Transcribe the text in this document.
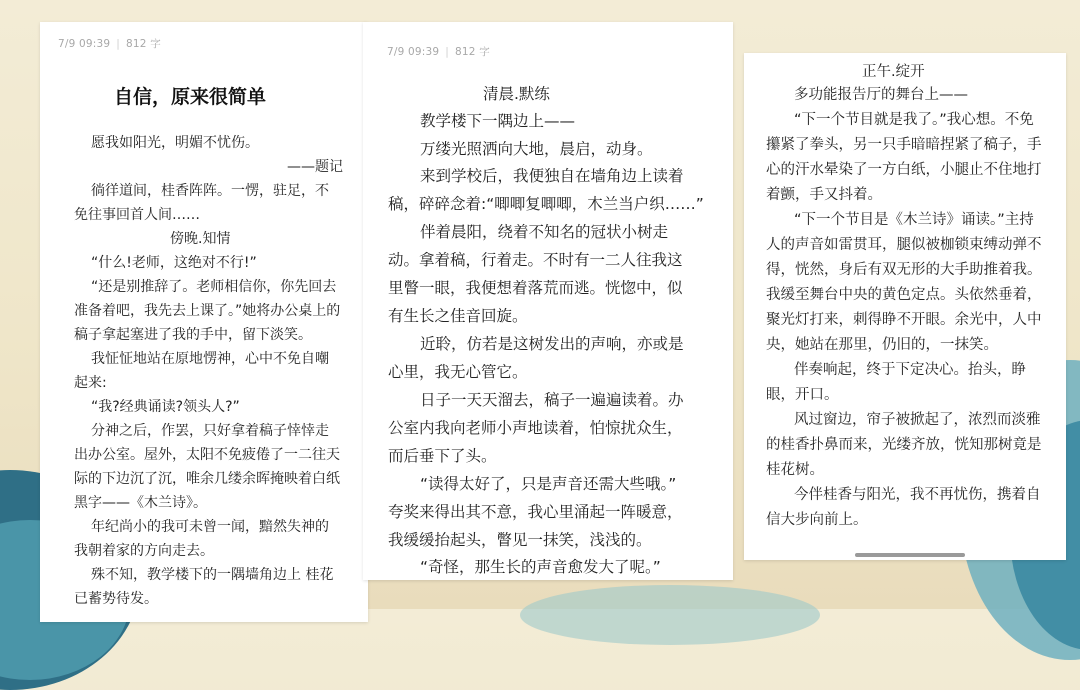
7/9 09:39 | 812 字
自信，原来很简单
愿我如阳光，明媚不忧伤。
——题记
徜徉道间，桂香阵阵。一愣，驻足，不
免往事回首人间……
傍晚.知情
“什么!老师，这绝对不行!”
“还是别推辞了。老师相信你，你先回去
准备着吧，我先去上课了。”她将办公桌上的
稿子拿起塞进了我的手中，留下淡笑。
我怔怔地站在原地愣神，心中不免自嘲
起来:
“我?经典诵读?领头人?”
分神之后，作罢，只好拿着稿子悻悻走
出办公室。屋外，太阳不免疲倦了一二往天
际的下边沉了沉，唯余几缕余晖掩映着白纸
黑字——《木兰诗》。
年纪尚小的我可未曾一闻，黯然失神的
我朝着家的方向走去。
殊不知，教学楼下的一隅墙角边上 桂花
已蓄势待发。
7/9 09:39 | 812 字
清晨.默练
教学楼下一隅边上——
万缕光照洒向大地，晨启，动身。
来到学校后，我便独自在墙角边上读着
稿，碎碎念着:“唧唧复唧唧，木兰当户织……”
伴着晨阳，绕着不知名的冠状小树走
动。拿着稿，行着走。不时有一二人往我这
里瞥一眼，我便想着落荒而逃。恍惚中，似
有生长之佳音回旋。
近聆，仿若是这树发出的声响，亦或是
心里，我无心管它。
日子一天天溜去，稿子一遍遍读着。办
公室内我向老师小声地读着，怕惊扰众生，
而后垂下了头。
“读得太好了，只是声音还需大些哦。”
夸奖来得出其不意，我心里涌起一阵暖意，
我缓缓抬起头，瞥见一抹笑，浅浅的。
“奇怪，那生长的声音愈发大了呢。”
正午.绽开
多功能报告厅的舞台上——
“下一个节目就是我了。”我心想。不免
攥紧了拳头，另一只手暗暗捏紧了稿子，手
心的汗水晕染了一方白纸，小腿止不住地打
着颤，手又抖着。
“下一个节目是《木兰诗》诵读。”主持
人的声音如雷贯耳，腿似被枷锁束缚动弹不
得，恍然，身后有双无形的大手助推着我。
我缓至舞台中央的黄色定点。头依然垂着，
聚光灯打来，刺得睁不开眼。余光中，人中
央，她站在那里，仍旧的，一抹笑。
伴奏响起，终于下定决心。抬头，睁
眼，开口。
风过窗边，帘子被掀起了，浓烈而淡雅
的桂香扑鼻而来，光缕齐放，恍知那树竟是
桂花树。
今伴桂香与阳光，我不再忧伤，携着自
信大步向前上。
